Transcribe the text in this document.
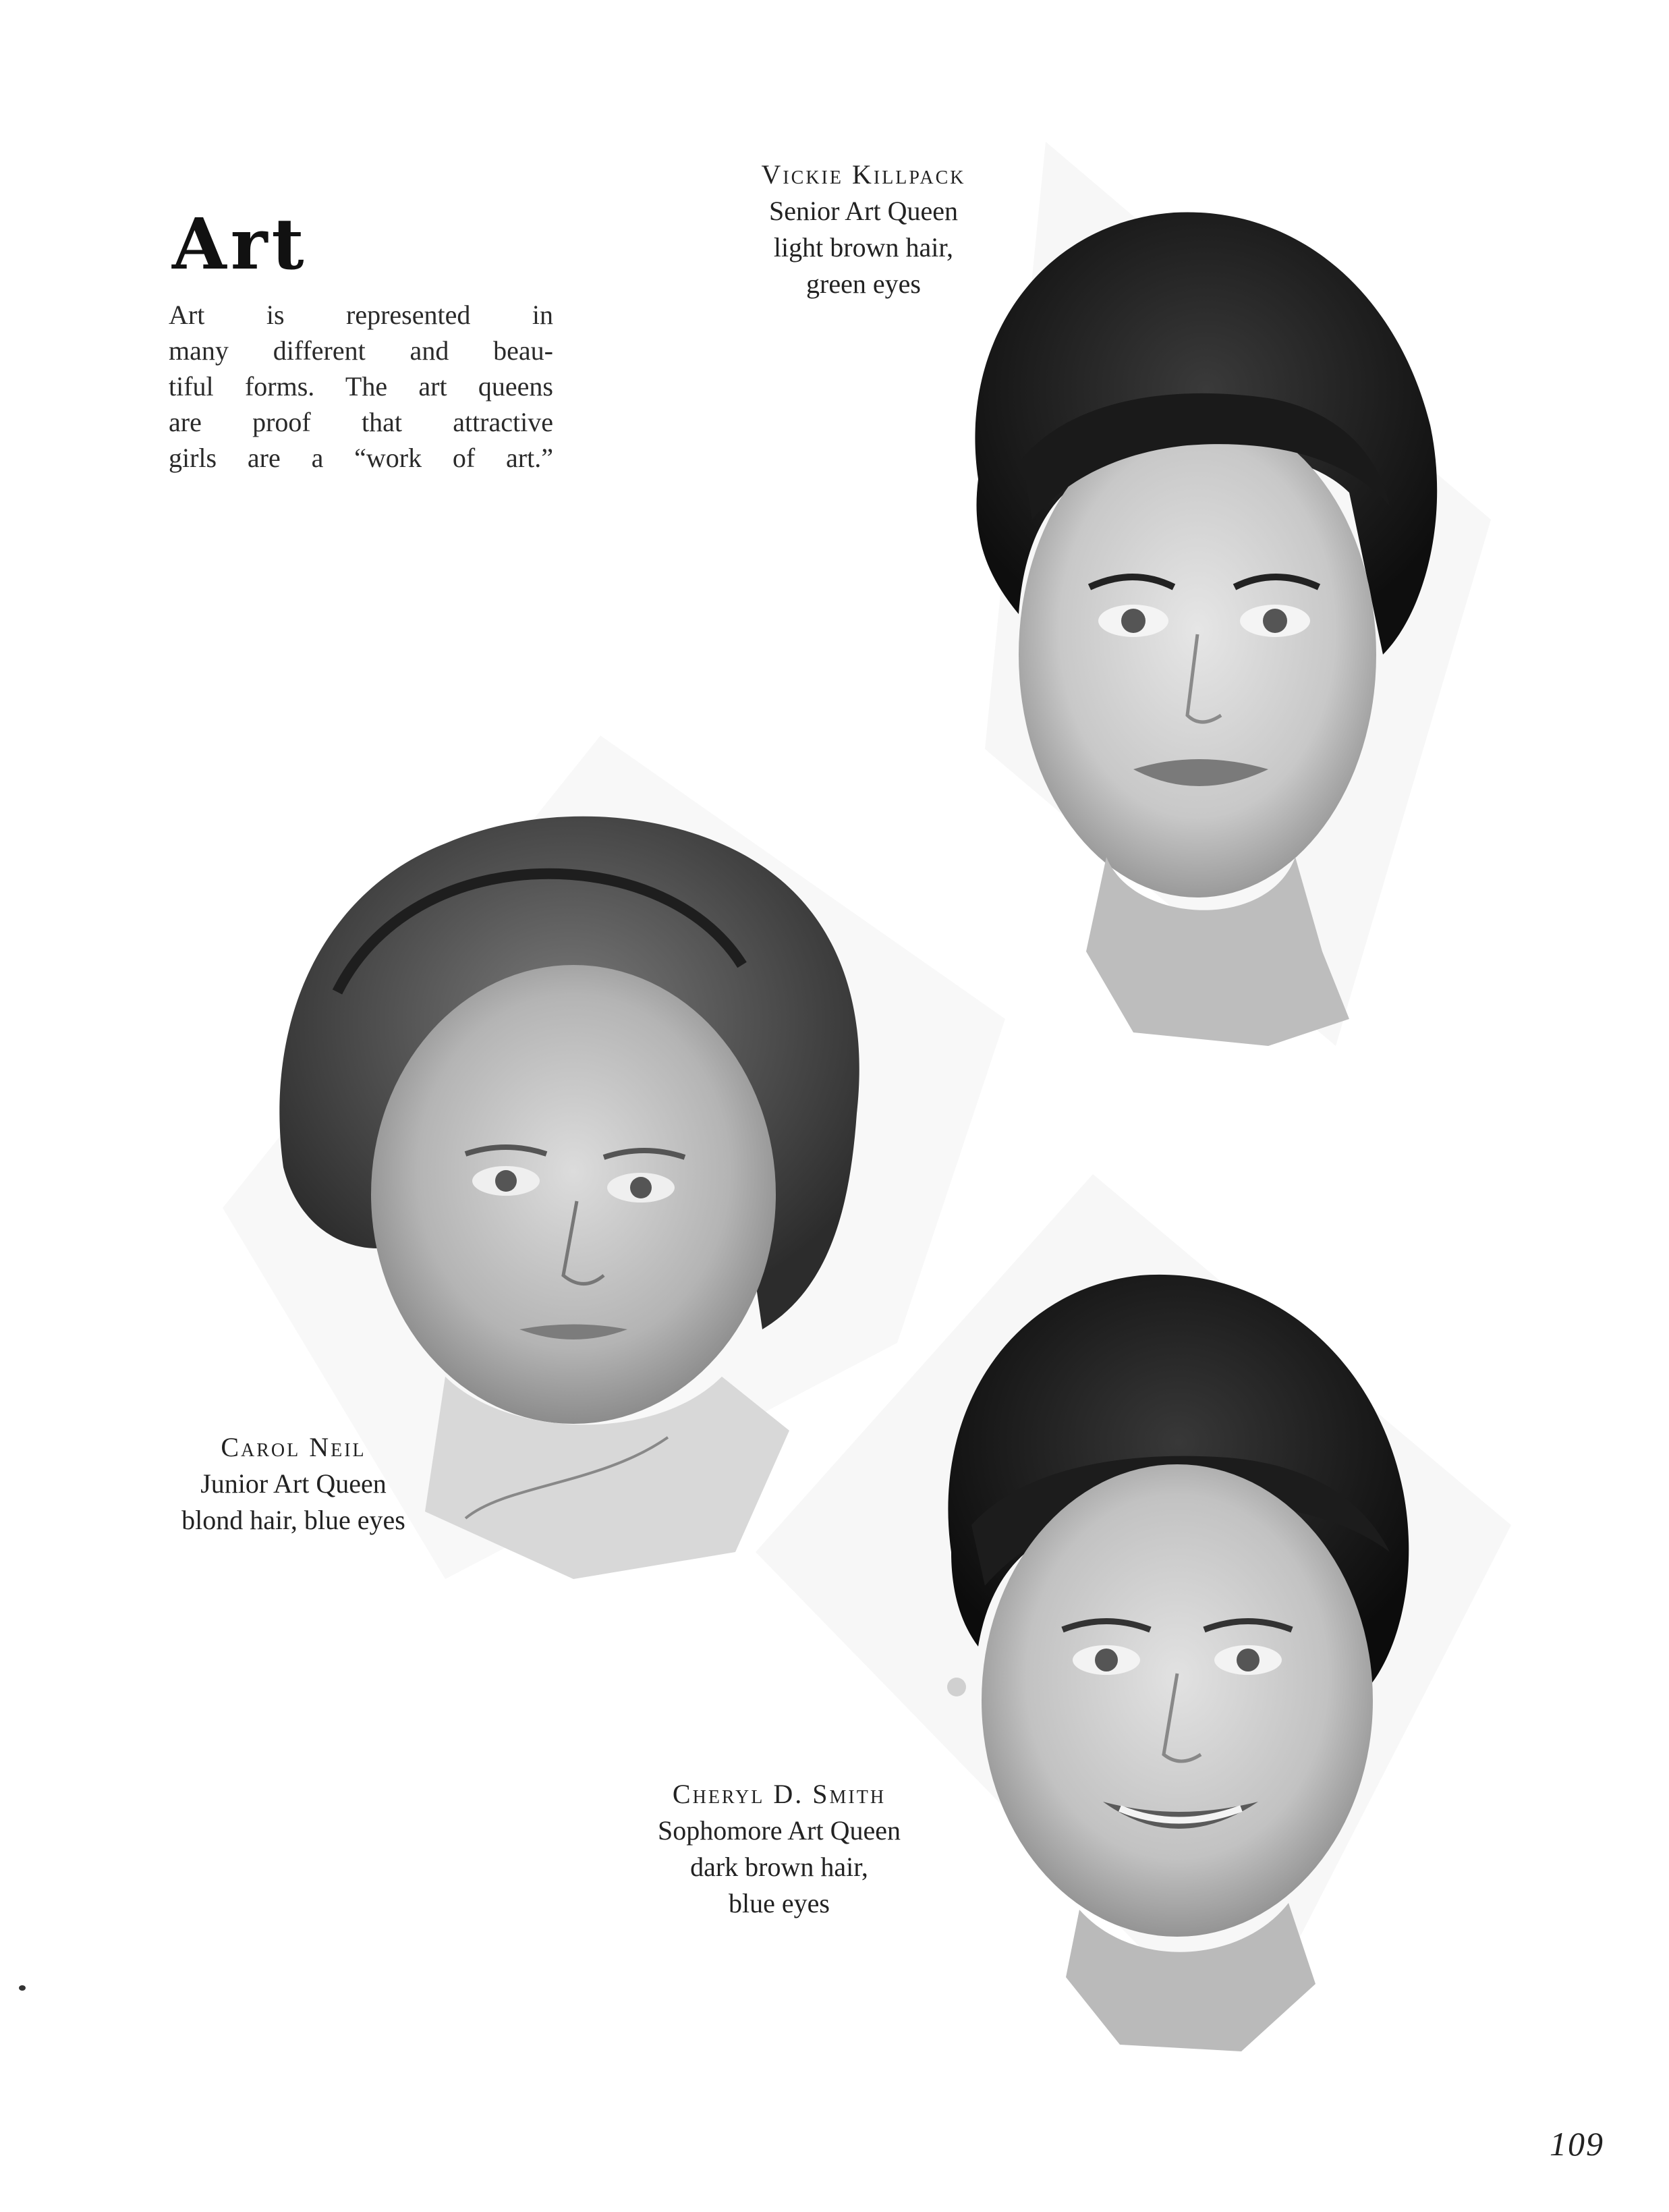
Art
Art is represented in
many different and beau-
tiful forms. The art queens
are proof that attractive
girls are a “work of art.”
Vickie Killpack
Senior Art Queen
light brown hair,
green eyes
Carol Neil
Junior Art Queen
blond hair, blue eyes
Cheryl D. Smith
Sophomore Art Queen
dark brown hair,
blue eyes
109
